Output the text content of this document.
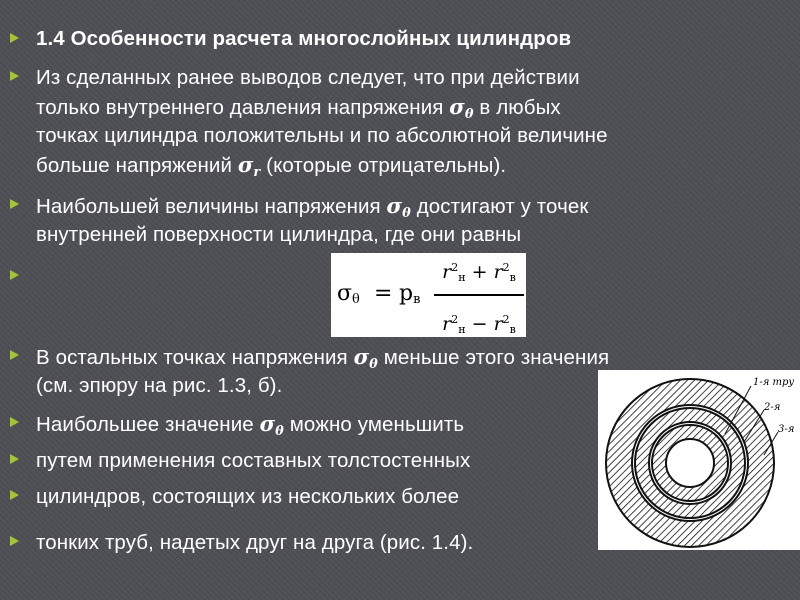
1.4 Особенности расчета многослойных цилиндров
Из сделанных ранее выводов следует, что при действии
только внутреннего давления напряжения $\sigma_\theta$ в любых
точках цилиндра положительны и по абсолютной величине
больше напряжений $\sigma_r$ (которые отрицательны).
Наибольшей величины напряжения $\sigma_\theta$ достигают у точек
внутренней поверхности цилиндра, где они равны
$\sigma_\theta = p_в$
$r^2_н + r^2_в$
$r^2_н - r^2_в$
В остальных точках напряжения $\sigma_\theta$ меньше этого значения
(см. эпюру на рис. 1.3, б).
Наибольшее значение $\sigma_\theta$ можно уменьшить
путем применения составных толстостенных
цилиндров, состоящих из нескольких более
тонких труб, надетых друг на друга (рис. 1.4).
1-я тру
2-я
3-я
